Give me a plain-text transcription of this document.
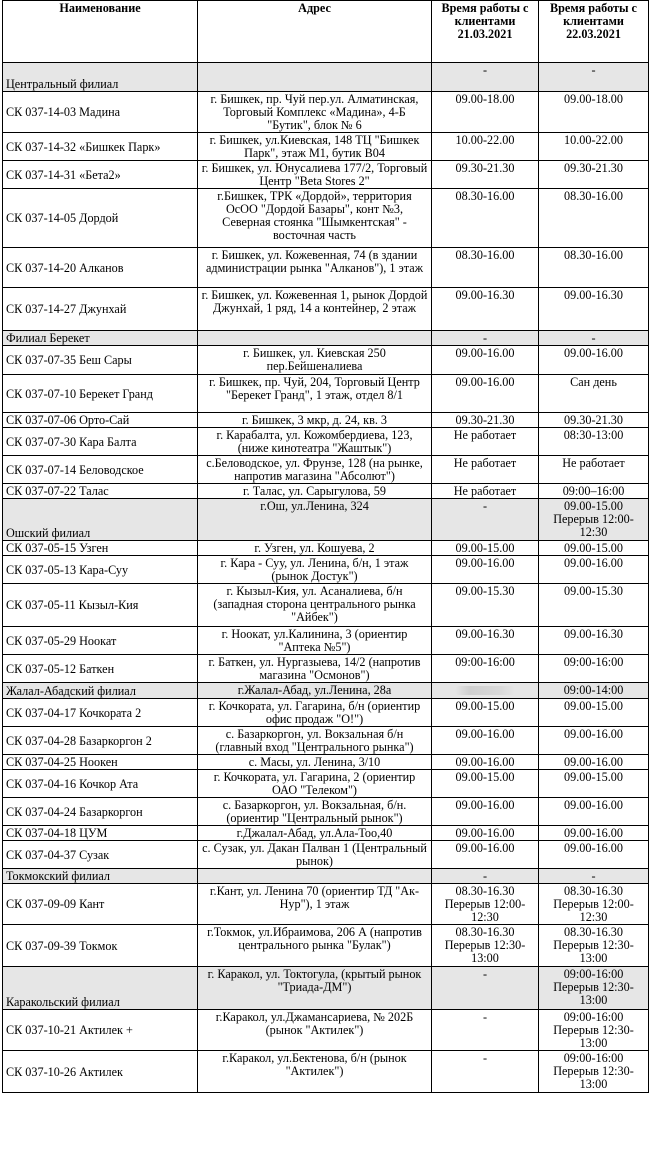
Наименование	Адрес	Время работы с клиентами 21.03.2021	Время работы с клиентами 22.03.2021
Центральный филиал		-	-
СК 037-14-03 Мадина	г. Бишкек, пр. Чуй пер.ул. Алматинская, Торговый Комплекс «Мадина», 4-Б "Бутик", блок № 6	09.00-18.00	09.00-18.00
СК 037-14-32 «Бишкек Парк»	г. Бишкек, ул.Киевская, 148 ТЦ "Бишкек Парк", этаж М1, бутик В04	10.00-22.00	10.00-22.00
СК 037-14-31 «Бета2»	г. Бишкек, ул. Юнусалиева 177/2, Торговый Центр "Beta Stores 2"	09.30-21.30	09.30-21.30
СК 037-14-05 Дордой	г.Бишкек, ТРК «Дордой», территория ОсОО "Дордой Базары", конт №3, Северная стоянка "Шымкентская" - восточная часть	08.30-16.00	08.30-16.00
СК 037-14-20 Алканов	г. Бишкек, ул. Кожевенная, 74 (в здании администрации рынка "Алканов"), 1 этаж	08.30-16.00	08.30-16.00
СК 037-14-27 Джунхай	г. Бишкек, ул. Кожевенная 1, рынок Дордой Джунхай, 1 ряд, 14 а контейнер, 2 этаж	09.00-16.30	09.00-16.30
Филиал Берекет		-	-
СК 037-07-35 Беш Сары	г. Бишкек, ул. Киевская 250 пер.Бейшеналиева	09.00-16.00	09.00-16.00
СК 037-07-10 Берекет Гранд	г. Бишкек, пр. Чуй, 204, Торговый Центр "Берекет Гранд", 1 этаж, отдел 8/1	09.00-16.00	Сан день
СК 037-07-06 Орто-Сай	г. Бишкек, 3 мкр, д. 24, кв. 3	09.30-21.30	09.30-21.30
СК 037-07-30 Кара Балта	г. Карабалта, ул. Кожомбердиева, 123, (ниже кинотеатра "Жаштык")	Не работает	08:30-13:00
СК 037-07-14 Беловодское	с.Беловодское, ул. Фрунзе, 128 (на рынке, напротив магазина "Абсолют")	Не работает	Не работает
СК 037-07-22 Талас	г. Талас, ул. Сарыгулова, 59	Не работает	09:00–16:00
Ошский филиал	г.Ош, ул.Ленина, 324	-	09.00-15.00 Перерыв 12:00-12:30
СК 037-05-15 Узген	г. Узген, ул. Кошуева, 2	09.00-15.00	09.00-15.00
СК 037-05-13 Кара-Суу	г. Кара - Суу, ул. Ленина, б/н, 1 этаж (рынок Достук")	09.00-16.00	09.00-16.00
СК 037-05-11 Кызыл-Кия	г. Кызыл-Кия, ул. Асаналиева, б/н (западная сторона центрального рынка "Айбек")	09.00-15.30	09.00-15.30
СК 037-05-29 Ноокат	г. Ноокат, ул.Калинина, 3 (ориентир "Аптека №5")	09.00-16.30	09.00-16.30
СК 037-05-12 Баткен	г. Баткен, ул. Нургазыева, 14/2 (напротив магазина "Осмонов")	09:00-16:00	09:00-16:00
Жалал-Абадский филиал	г.Жалал-Абад, ул.Ленина, 28а		09:00-14:00
СК 037-04-17 Кочкората 2	г. Кочкората, ул. Гагарина, б/н (ориентир офис продаж "О!")	09.00-15.00	09.00-15.00
СК 037-04-28 Базаркоргон 2	с. Базаркоргон, ул. Вокзальная б/н (главный вход "Центрального рынка")	09.00-16.00	09.00-16.00
СК 037-04-25 Ноокен	с. Масы, ул. Ленина, 3/10	09.00-16.00	09.00-16.00
СК 037-04-16 Кочкор Ата	г. Кочкората, ул. Гагарина, 2 (ориентир ОАО "Телеком")	09.00-15.00	09.00-15.00
СК 037-04-24 Базаркоргон	с. Базаркоргон, ул. Вокзальная, б/н. (ориентир "Центральный рынок")	09.00-16.00	09.00-16.00
СК 037-04-18 ЦУМ	г.Джалал-Абад, ул.Ала-Тоо,40	09.00-16.00	09.00-16.00
СК 037-04-37 Сузак	с. Сузак, ул. Дакан Палван 1 (Центральный рынок)	09.00-16.00	09.00-16.00
Токмокский филиал		-	-
СК 037-09-09 Кант	г.Кант, ул. Ленина 70 (ориентир ТД "Ак-Нур"), 1 этаж	08.30-16.30 Перерыв 12:00-12:30	08.30-16.30 Перерыв 12:00-12:30
СК 037-09-39 Токмок	г.Токмок, ул.Ибраимова, 206 А (напротив центрального рынка "Булак")	08.30-16.30 Перерыв 12:30-13:00	08.30-16.30 Перерыв 12:30-13:00
Каракольский филиал	г. Каракол, ул. Токтогула, (крытый рынок "Триада-ДМ")	-	09:00-16:00 Перерыв 12:30-13:00
СК 037-10-21 Актилек +	г.Каракол, ул.Джамансариева, № 202Б (рынок "Актилек")	-	09:00-16:00 Перерыв 12:30-13:00
СК 037-10-26 Актилек	г.Каракол, ул.Бектенова, б/н (рынок "Актилек")	-	09:00-16:00 Перерыв 12:30-13:00
